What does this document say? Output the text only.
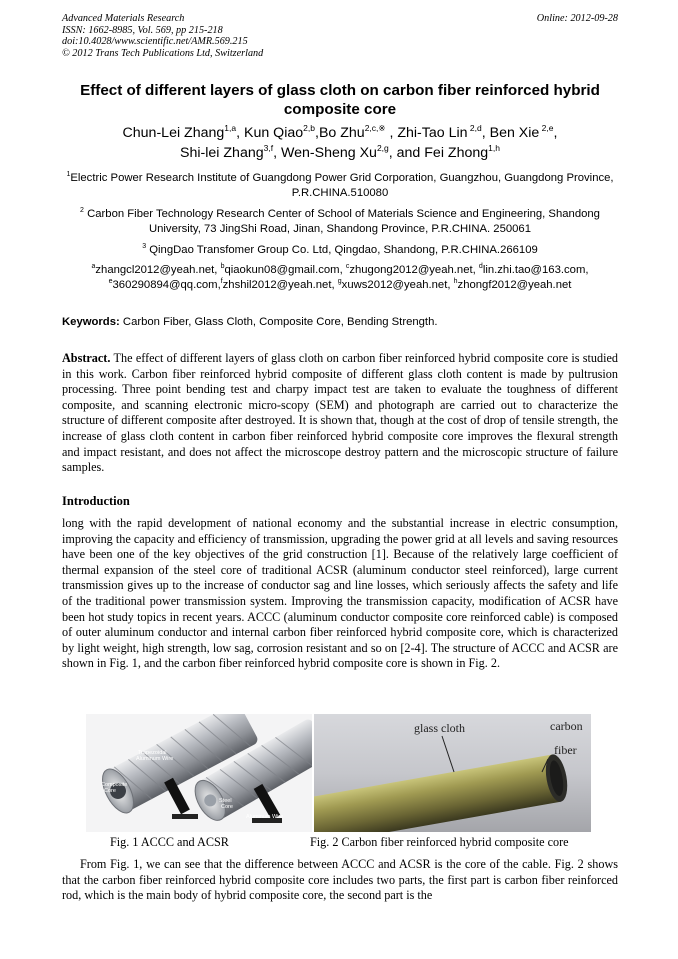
Advanced Materials Research
ISSN: 1662-8985, Vol. 569, pp 215-218
doi:10.4028/www.scientific.net/AMR.569.215
© 2012 Trans Tech Publications Ltd, Switzerland
Online: 2012-09-28
Effect of different layers of glass cloth on carbon fiber reinforced hybrid composite core
Chun-Lei Zhang$^{1,a}$, Kun Qiao$^{2,b}$,Bo Zhu$^{2,c,※}$ , Zhi-Tao Lin $^{2,d}$, Ben Xie $^{2,e}$,
Shi-lei Zhang$^{3,f}$, Wen-Sheng Xu$^{2,g}$, and Fei Zhong$^{1,h}$
$^1$Electric Power Research Institute of Guangdong Power Grid Corporation, Guangzhou, Guangdong Province, P.R.CHINA.510080
$^2$ Carbon Fiber Technology Research Center of School of Materials Science and Engineering, Shandong University, 73 JingShi Road, Jinan, Shandong Province, P.R.CHINA. 250061
$^3$ QingDao Transfomer Group Co. Ltd, Qingdao, Shandong, P.R.CHINA.266109
$^a$zhangcl2012@yeah.net, $^b$qiaokun08@gmail.com, $^c$zhugong2012@yeah.net, $^d$lin.zhi.tao@163.com,
$^e$360290894@qq.com,$^f$zhshil2012@yeah.net, $^g$xuws2012@yeah.net, $^h$zhongf2012@yeah.net
Keywords: Carbon Fiber, Glass Cloth, Composite Core, Bending Strength.
Abstract. The effect of different layers of glass cloth on carbon fiber reinforced hybrid composite core is studied in this work. Carbon fiber reinforced hybrid composite of different glass cloth content is made by pultrusion processing. Three point bending test and charpy impact test are taken to evaluate the toughness of different composite, and scanning electronic micro-scopy (SEM) and photograph are carried out to characterize the structure of different composite after destroyed. It is shown that, though at the cost of drop of tensile strength, the increase of glass cloth content in carbon fiber reinforced hybrid composite core improves the flexural strength and impact resistant, and does not affect the microscope destroy pattern and the microscopic structure of failure samples.
Introduction
long with the rapid development of national economy and the substantial increase in electric consumption, improving the capacity and efficiency of transmission, upgrading the power grid at all levels and saving resources have been one of the key objectives of the grid construction [1]. Because of the relatively large coefficient of thermal expansion of the steel core of traditional ACSR (aluminum conductor steel reinforced), large current transmission gives up to the increase of conductor sag and line losses, which seriously affects the safety and life of the traditional power transmission system. Improving the transmission capacity, modification of ACSR have been hot study topics in recent years. ACCC (aluminum conductor composite core reinforced cable) is composed of outer aluminum conductor and internal carbon fiber reinforced hybrid composite core, which is characterized by light weight, high strength, low sag, corrosion resistant and so on [2-4]. The structure of ACCC and ACSR are shown in Fig. 1, and the carbon fiber reinforced hybrid composite core is shown in Fig. 2.
Composite
Core
Trapezoidal
Aluminum Wire
Steel
Core
Aluminum Wire
glass cloth	carbon
fiber
Fig. 1 ACCC and ACSR	Fig. 2 Carbon fiber reinforced hybrid composite core
From Fig. 1, we can see that the difference between ACCC and ACSR is the core of the cable. Fig. 2 shows that the carbon fiber reinforced hybrid composite core includes two parts, the first part is carbon fiber reinforced rod, which is the main body of hybrid composite core, the second part is the
